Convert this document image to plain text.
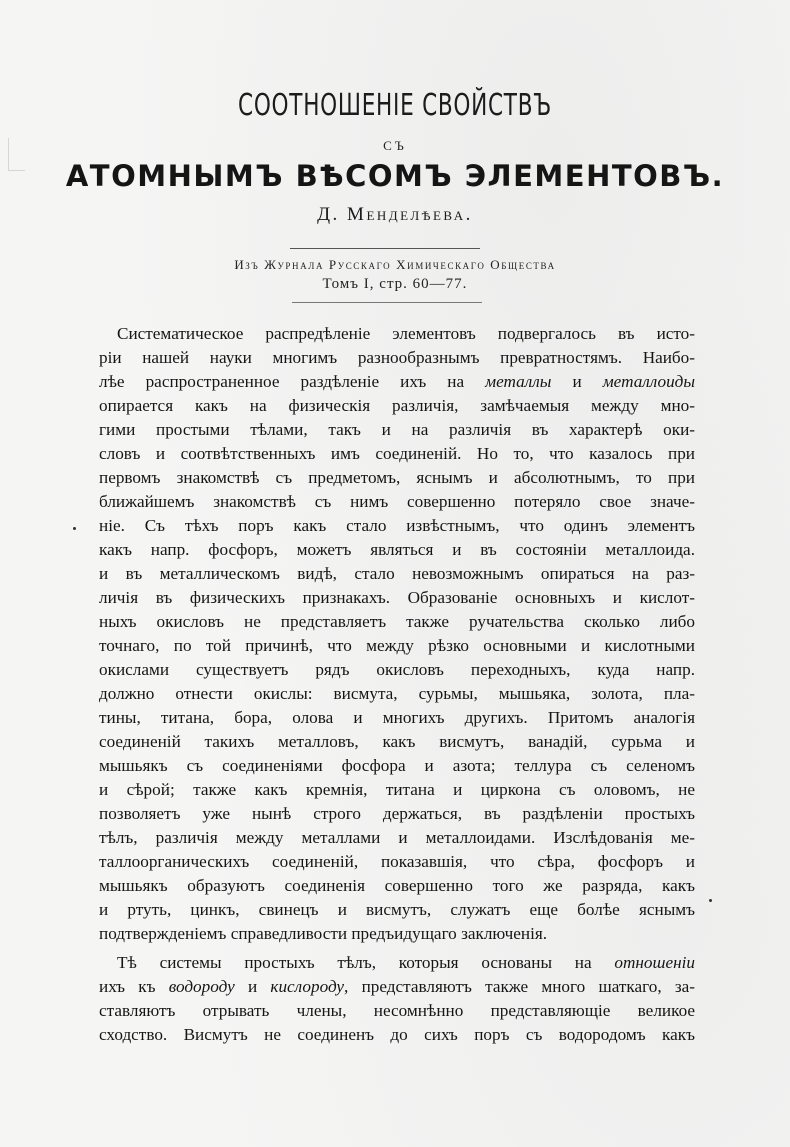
СООТНОШЕНІЕ СВОЙСТВЪ
СЪ
АТОМНЫМЪ ВѢСОМЪ ЭЛЕМЕНТОВЪ.
Д. Менделѣева.
Изъ Журнала Русскаго Химическаго Общества
Томъ I, стр. 60—77.
Систематическое распредѣленіе элементовъ подвергалось въ исто-
ріи нашей науки многимъ разнообразнымъ превратностямъ. Наибо-
лѣе распространенное раздѣленіе ихъ на металлы и металлоиды
опирается какъ на физическія различія, замѣчаемыя между мно-
гими простыми тѣлами, такъ и на различія въ характерѣ оки-
словъ и соотвѣтственныхъ имъ соединеній. Но то, что казалось при
первомъ знакомствѣ съ предметомъ, яснымъ и абсолютнымъ, то при
ближайшемъ знакомствѣ съ нимъ совершенно потеряло свое значе-
ніе. Съ тѣхъ поръ какъ стало извѣстнымъ, что одинъ элементъ
какъ напр. фосфоръ, можетъ являться и въ состояніи металлоида.
и въ металлическомъ видѣ, стало невозможнымъ опираться на раз-
личія въ физическихъ признакахъ. Образованіе основныхъ и кислот-
ныхъ окисловъ не представляетъ также ручательства сколько либо
точнаго, по той причинѣ, что между рѣзко основными и кислотными
окислами существуетъ рядъ окисловъ переходныхъ, куда напр.
должно отнести окислы: висмута, сурьмы, мышьяка, золота, пла-
тины, титана, бора, олова и многихъ другихъ. Притомъ аналогія
соединеній такихъ металловъ, какъ висмутъ, ванадій, сурьма и
мышьякъ съ соединеніями фосфора и азота; теллура съ селеномъ
и сѣрой; также какъ кремнія, титана и циркона съ оловомъ, не
позволяетъ уже нынѣ строго держаться, въ раздѣленіи простыхъ
тѣлъ, различія между металлами и металлоидами. Изслѣдованія ме-
таллоорганическихъ соединеній, показавшія, что сѣра, фосфоръ и
мышьякъ образуютъ соединенія совершенно того же разряда, какъ
и ртуть, цинкъ, свинецъ и висмутъ, служатъ еще болѣе яснымъ
подтвержденіемъ справедливости предъидущаго заключенія.
Тѣ системы простыхъ тѣлъ, которыя основаны на отношеніи
ихъ къ водороду и кислороду, представляютъ также много шаткаго, за-
ставляютъ отрывать члены, несомнѣнно представляющіе великое
сходство. Висмутъ не соединенъ до сихъ поръ съ водородомъ какъ
